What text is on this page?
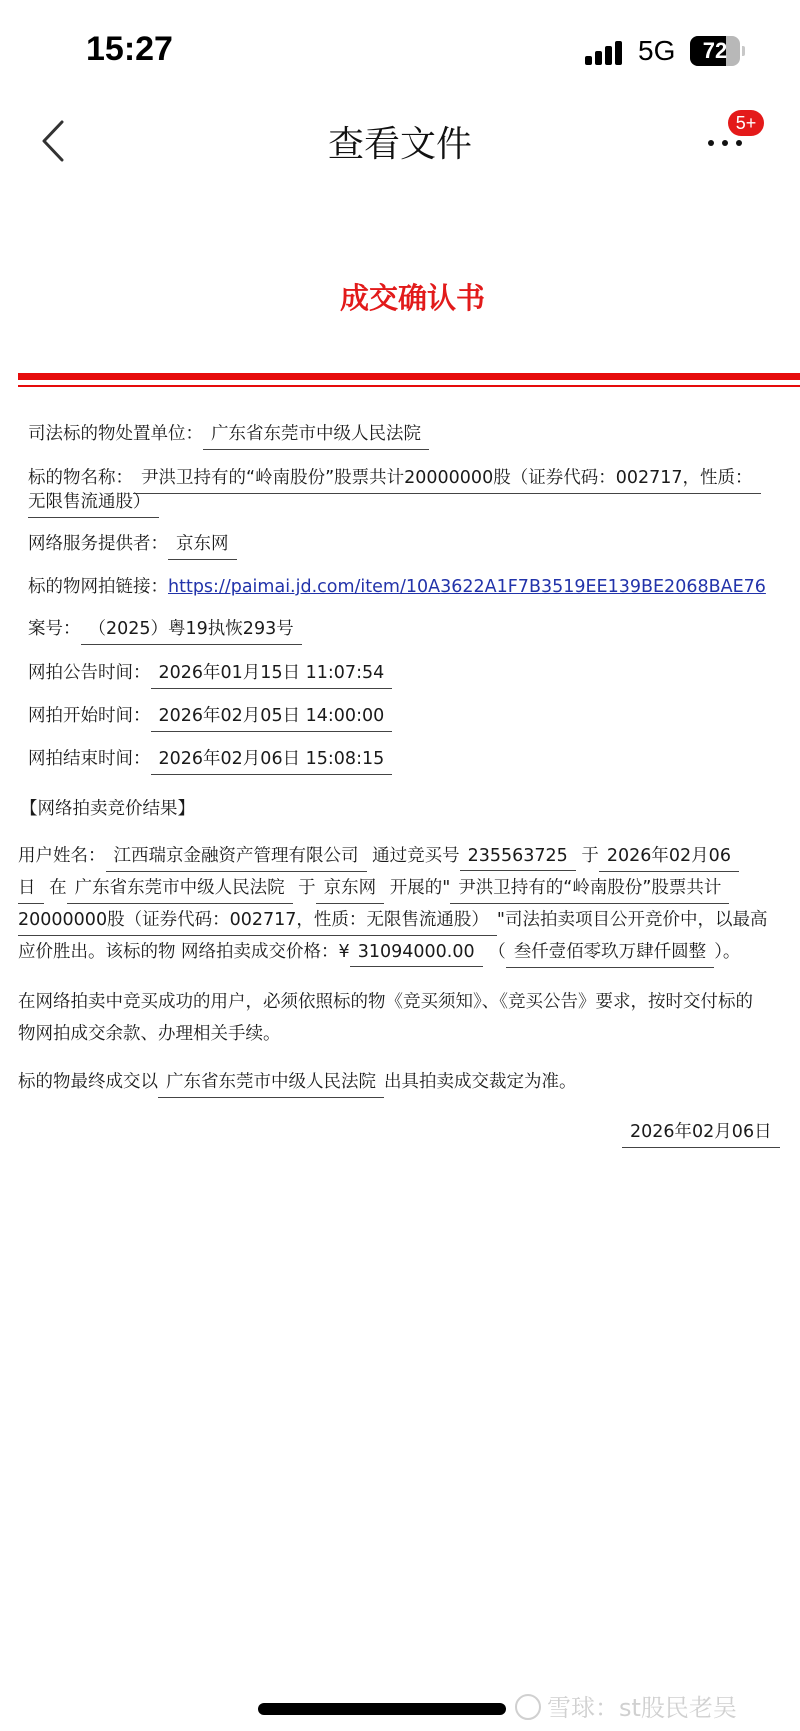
15:27	5G	72
查看文件
5+
成交确认书
司法标的物处置单位： 广东省东莞市中级人民法院
标的物名称： 尹洪卫持有的“岭南股份”股票共计20000000股（证券代码：002717，性质：
无限售流通股）
网络服务提供者： 京东网
标的物网拍链接：https://paimai.jd.com/item/10A3622A1F7B3519EE139BE2068BAE76
案号： （2025）粤19执恢293号
网拍公告时间： 2026年01月15日 11:07:54
网拍开始时间： 2026年02月05日 14:00:00
网拍结束时间： 2026年02月06日 15:08:15
【网络拍卖竞价结果】
用户姓名： 江西瑞京金融资产管理有限公司 通过竞买号 235563725 于 2026年02月06
日 在 广东省东莞市中级人民法院 于 京东网 开展的" 尹洪卫持有的“岭南股份”股票共计
20000000股（证券代码：002717，性质：无限售流通股） "司法拍卖项目公开竞价中，以最高
应价胜出。该标的物 网络拍卖成交价格：¥ 31094000.00 （ 叁仟壹佰零玖万肆仟圆整 ）。
在网络拍卖中竞买成功的用户，必须依照标的物《竞买须知》、《竞买公告》要求，按时交付标的
物网拍成交余款、办理相关手续。
标的物最终成交以 广东省东莞市中级人民法院 出具拍卖成交裁定为准。
2026年02月06日
雪球：st股民老吴
